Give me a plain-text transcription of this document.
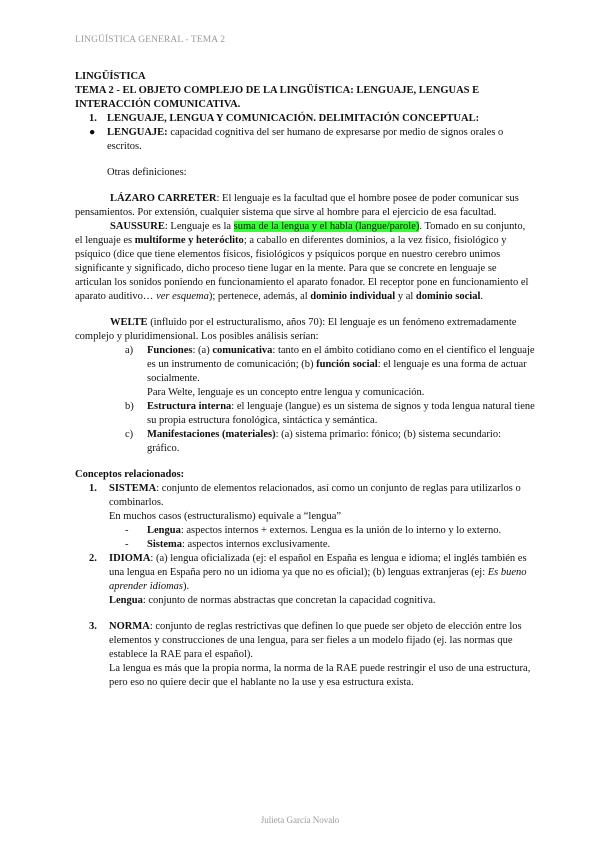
LINGÜÍSTICA GENERAL - TEMA 2

LINGÜÍSTICA

TEMA 2 - EL OBJETO COMPLEJO DE LA LINGÜÍSTICA: LENGUAJE, LENGUAS E

INTERACCIÓN COMUNICATIVA.

1. LENGUAJE, LENGUA Y COMUNICACIÓN. DELIMITACIÓN CONCEPTUAL:
●	LENGUAJE: capacidad cognitiva del ser humano de expresarse por medio de signos orales o escritos.

Otras definiciones:

LÁZARO CARRETER: El lenguaje es la facultad que el hombre posee de poder comunicar sus pensamientos. Por extensión, cualquier sistema que sirve al hombre para el ejercicio de esa facultad.

SAUSSURE: Lenguaje es la suma de la lengua y el habla (langue/parole). Tomado en su conjunto, el lenguaje es multiforme y heteróclito; a caballo en diferentes dominios, a la vez físico, fisiológico y psíquico (dice que tiene elementos físicos, fisiológicos y psíquicos porque en nuestro cerebro unimos significante y significado, dicho proceso tiene lugar en la mente. Para que se concrete en lenguaje se articulan los sonidos poniendo en funcionamiento el aparato fonador. El receptor pone en funcionamiento el aparato auditivo… ver esquema); pertenece, además, al dominio individual y al dominio social.

WELTE (influido por el estructuralismo, años 70): El lenguaje es un fenómeno extremadamente complejo y pluridimensional. Los posibles análisis serían:

a)	Funciones: (a) comunicativa: tanto en el ámbito cotidiano como en el científico el lenguaje es un instrumento de comunicación; (b) función social: el lenguaje es una forma de actuar socialmente.
Para Welte, lenguaje es un concepto entre lengua y comunicación.
b)	Estructura interna: el lenguaje (langue) es un sistema de signos y toda lengua natural tiene su propia estructura fonológica, sintáctica y semántica.
c)	Manifestaciones (materiales): (a) sistema primario: fónico; (b) sistema secundario: gráfico.

Conceptos relacionados:

1.	SISTEMA: conjunto de elementos relacionados, así como un conjunto de reglas para utilizarlos o combinarlos.
En muchos casos (estructuralismo) equivale a “lengua”
-	Lengua: aspectos internos + externos. Lengua es la unión de lo interno y lo externo.
-	Sistema: aspectos internos exclusivamente.
2.	IDIOMA: (a) lengua oficializada (ej: el español en España es lengua e idioma; el inglés también es una lengua en España pero no un idioma ya que no es oficial); (b) lenguas extranjeras (ej: Es bueno aprender idiomas).
Lengua: conjunto de normas abstractas que concretan la capacidad cognitiva.
3.	NORMA: conjunto de reglas restrictivas que definen lo que puede ser objeto de elección entre los elementos y construcciones de una lengua, para ser fieles a un modelo fijado (ej. las normas que establece la RAE para el español).
La lengua es más que la propia norma, la norma de la RAE puede restringir el uso de una estructura, pero eso no quiere decir que el hablante no la use y esa estructura exista.
Julieta García Novalo
